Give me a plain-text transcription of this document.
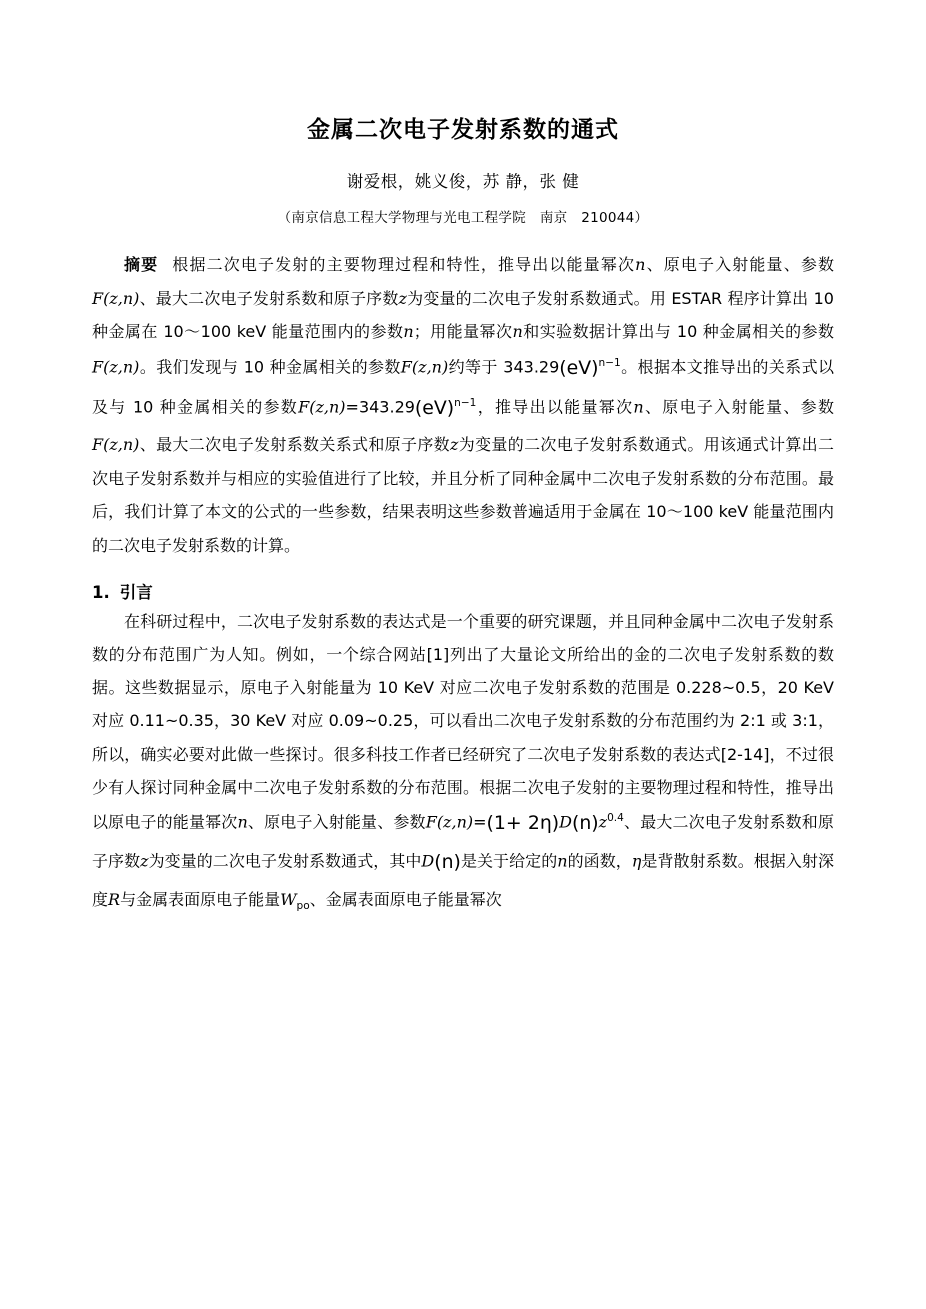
金属二次电子发射系数的通式
谢爱根，姚义俊，苏 静，张 健
（南京信息工程大学物理与光电工程学院　南京　210044）

摘要 根据二次电子发射的主要物理过程和特性，推导出以能量幂次n、原电子入射能量、参数F(z,n)、最大二次电子发射系数和原子序数z为变量的二次电子发射系数通式。用 ESTAR 程序计算出 10 种金属在 10～100 keV 能量范围内的参数n；用能量幂次n和实验数据计算出与 10 种金属相关的参数F(z,n)。我们发现与 10 种金属相关的参数F(z,n)约等于 343.29(eV)$^{n-1}$。根据本文推导出的关系式以及与 10 种金属相关的参数F(z,n)=343.29(eV)$^{n-1}$，推导出以能量幂次n、原电子入射能量、参数F(z,n)、最大二次电子发射系数关系式和原子序数z为变量的二次电子发射系数通式。用该通式计算出二次电子发射系数并与相应的实验值进行了比较，并且分析了同种金属中二次电子发射系数的分布范围。最后，我们计算了本文的公式的一些参数，结果表明这些参数普遍适用于金属在 10～100 keV 能量范围内的二次电子发射系数的计算。

1. 引言

在科研过程中，二次电子发射系数的表达式是一个重要的研究课题，并且同种金属中二次电子发射系数的分布范围广为人知。例如，一个综合网站[1]列出了大量论文所给出的金的二次电子发射系数的数据。这些数据显示，原电子入射能量为 10 KeV 对应二次电子发射系数的范围是 0.228~0.5，20 KeV 对应 0.11~0.35，30 KeV 对应 0.09~0.25，可以看出二次电子发射系数的分布范围约为 2:1 或 3:1，所以，确实必要对此做一些探讨。很多科技工作者已经研究了二次电子发射系数的表达式[2-14]，不过很少有人探讨同种金属中二次电子发射系数的分布范围。根据二次电子发射的主要物理过程和特性，推导出以原电子的能量幂次n、原电子入射能量、参数$F(z,n)=(1+ 2\eta)D(n)z^{0.4}$、最大二次电子发射系数和原子序数z为变量的二次电子发射系数通式，其中D(n)是关于给定的n的函数，η是背散射系数。根据入射深度R与金属表面原电子能量$W_{po}$、金属表面原电子能量幂次
